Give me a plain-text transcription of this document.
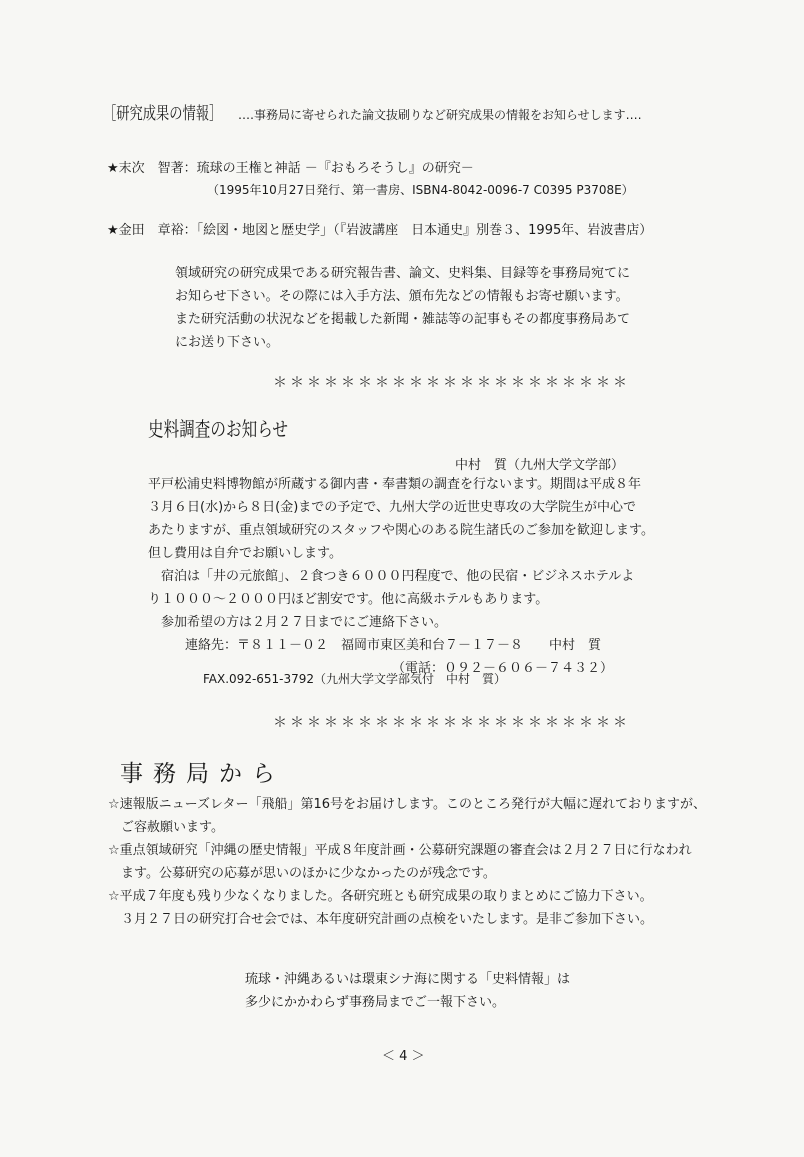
［研究成果の情報］	‥‥事務局に寄せられた論文抜刷りなど研究成果の情報をお知らせします‥‥
★末次　智著：琉球の王権と神話 －『おもろそうし』の研究－
（1995年10月27日発行、第一書房、ISBN4-8042-0096-7 C0395 P3708E）
★金田　章裕：「絵図・地図と歴史学」（『岩波講座　日本通史』別巻３、1995年、岩波書店）
領域研究の研究成果である研究報告書、論文、史料集、目録等を事務局宛てに
お知らせ下さい。その際には入手方法、頒布先などの情報もお寄せ願います。
また研究活動の状況などを掲載した新聞・雑誌等の記事もその都度事務局あて
にお送り下さい。
＊＊＊＊＊＊＊＊＊＊＊＊＊＊＊＊＊＊＊＊＊
史料調査のお知らせ
中村　質（九州大学文学部）
平戸松浦史料博物館が所蔵する御内書・奉書類の調査を行ないます。期間は平成８年
３月６日(水)から８日(金)までの予定で、九州大学の近世史専攻の大学院生が中心で
あたりますが、重点領域研究のスタッフや関心のある院生諸氏のご参加を歓迎します。
但し費用は自弁でお願いします。
　宿泊は「井の元旅館」、２食つき６０００円程度で、他の民宿・ビジネスホテルよ
り１０００～２０００円ほど割安です。他に高級ホテルもあります。
　参加希望の方は２月２７日までにご連絡下さい。
連絡先：〒８１１－０２　福岡市東区美和台７－１７－８　　中村　質
（電話：０９２－６０６－７４３２）
FAX.092-651-3792（九州大学文学部気付　中村　質）
＊＊＊＊＊＊＊＊＊＊＊＊＊＊＊＊＊＊＊＊＊
事務局から
☆速報版ニューズレター「飛船」第16号をお届けします。このところ発行が大幅に遅れておりますが、
　ご容赦願います。
☆重点領域研究「沖縄の歴史情報」平成８年度計画・公募研究課題の審査会は２月２７日に行なわれ
　ます。公募研究の応募が思いのほかに少なかったのが残念です。
☆平成７年度も残り少なくなりました。各研究班とも研究成果の取りまとめにご協力下さい。
　３月２７日の研究打合せ会では、本年度研究計画の点検をいたします。是非ご参加下さい。
琉球・沖縄あるいは環東シナ海に関する「史料情報」は
多少にかかわらず事務局までご一報下さい。
＜ 4 ＞
